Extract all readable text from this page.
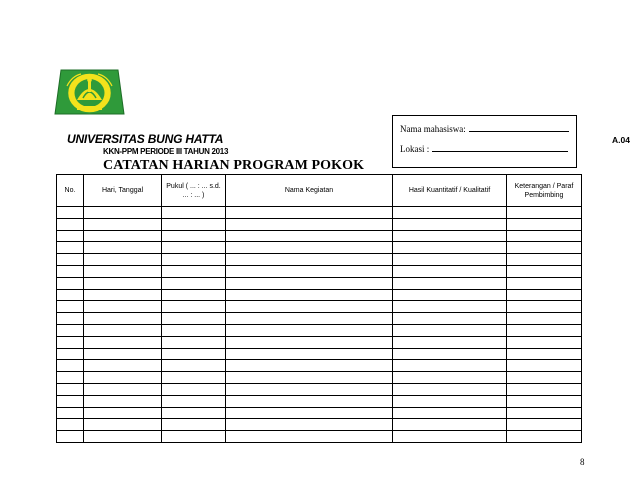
UNIVERSITAS BUNG HATTA
KKN-PPM PERIODE III TAHUN 2013
CATATAN HARIAN PROGRAM POKOK
Nama mahasiswa:
Lokasi :
A.04
No.	Hari, Tanggal	Pukul ( ... : ... s.d. ... : ... )	Nama Kegiatan	Hasil Kuantitatif / Kualitatif	Keterangan / Paraf Pembimbing

8
